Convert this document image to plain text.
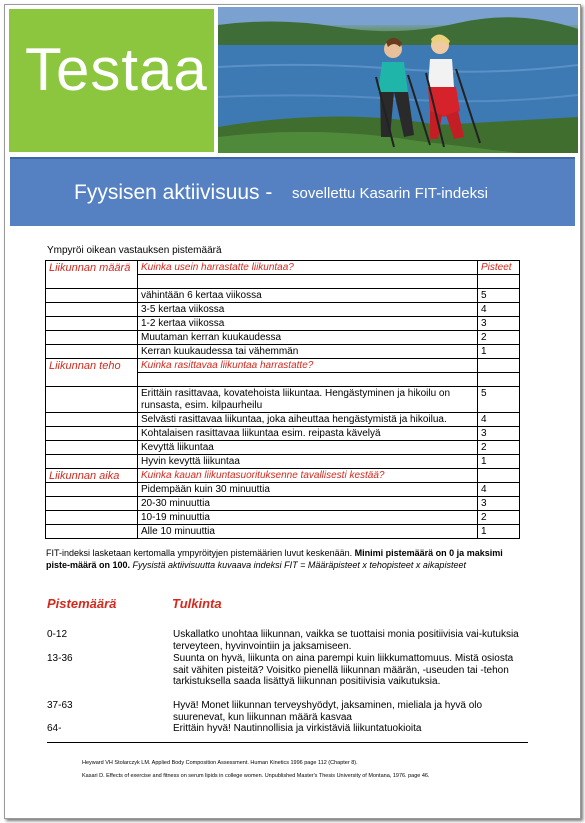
Testaa
Fyysisen aktiivisuus - sovellettu Kasarin FIT-indeksi
Ympyröi oikean vastauksen pistemäärä
Liikunnan määrä	Kuinka usein harrastatte liikuntaa?	Pisteet

	vähintään 6 kertaa viikossa	5
	3-5 kertaa viikossa	4
	1-2 kertaa viikossa	3
	Muutaman kerran kuukaudessa	2
	Kerran kuukaudessa tai vähemmän	1
Liikunnan teho	Kuinka rasittavaa liikuntaa harrastatte?	

	Erittäin rasittavaa, kovatehoista liikuntaa. Hengästyminen ja hikoilu on runsasta, esim. kilpaurheilu	5
	Selvästi rasittavaa liikuntaa, joka aiheuttaa hengästymistä ja hikoilua.	4
	Kohtalaisen rasittavaa liikuntaa esim. reipasta kävelyä	3
	Kevyttä liikuntaa	2
	Hyvin kevyttä liikuntaa	1
Liikunnan aika	Kuinka kauan liikuntasuorituksenne tavallisesti kestää?	
	Pidempään kuin 30 minuuttia	4
	20-30 minuuttia	3
	10-19 minuuttia	2
	Alle 10 minuuttia	1
FIT-indeksi lasketaan kertomalla ympyröityjen pistemäärien luvut keskenään. Minimi pistemäärä on 0 ja maksimi piste-määrä on 100. Fyysistä aktiivisuutta kuvaava indeksi FIT = Määräpisteet x tehopisteet x aikapisteet
Pistemäärä	Tulkinta
0-12	Uskallatko unohtaa liikunnan, vaikka se tuottaisi monia positiivisia vai-kutuksia terveyteen, hyvinvointiin ja jaksamiseen.
13-36	Suunta on hyvä, liikunta on aina parempi kuin liikkumattomuus. Mistä osiosta sait vähiten pisteitä? Voisitko pienellä liikunnan määrän, -useuden tai -tehon tarkistuksella saada lisättyä liikunnan positiivisia vaikutuksia.
37-63	Hyvä! Monet liikunnan terveyshyödyt, jaksaminen, mieliala ja hyvä olo suurenevat, kun liikunnan määrä kasvaa
64-	Erittäin hyvä! Nautinnollisia ja virkistäviä liikuntatuokioita
Heyward VH Stolarczyk LM. Applied Body Composition Assessment. Human Kinetics 1996 page 112 (Chapter 8).
Kasari D. Effects of exercise and fitness on serum lipids in college women. Unpublished Master's Thesis University of Montana, 1976. page 46.
